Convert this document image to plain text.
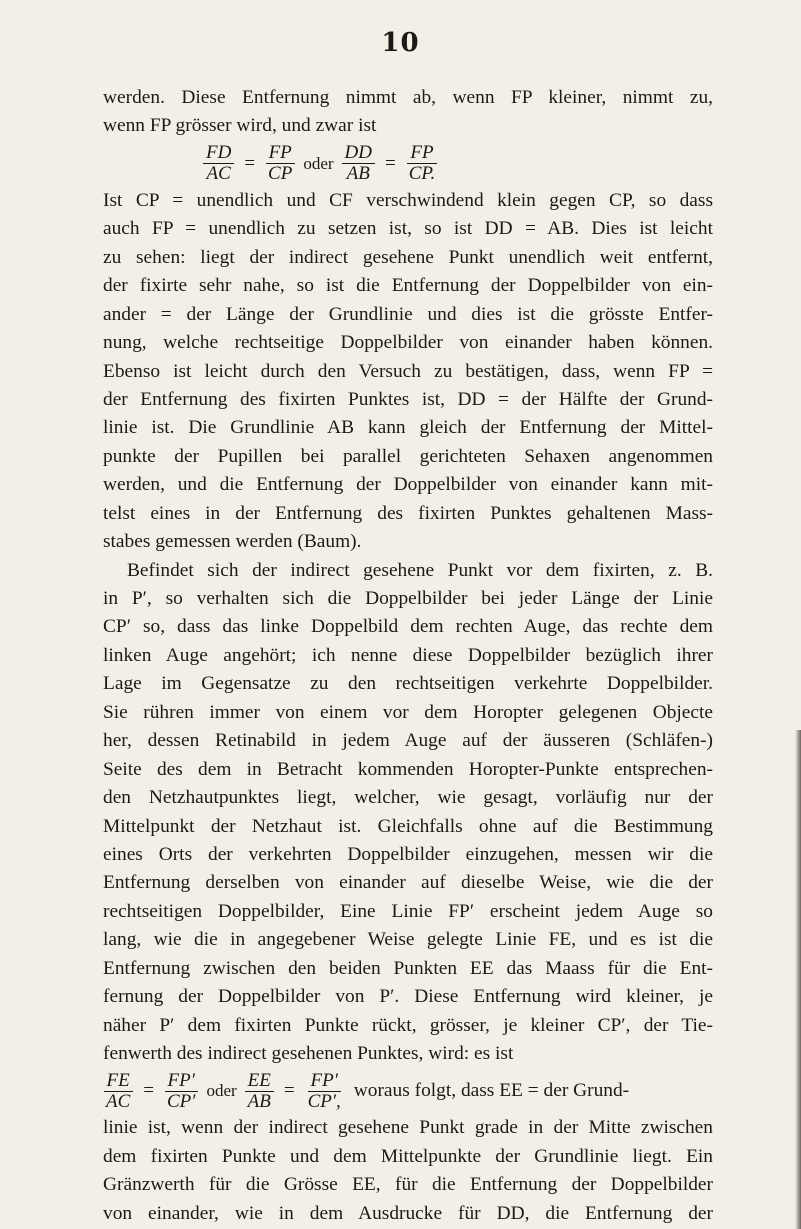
10
werden. Diese Entfernung nimmt ab, wenn FP kleiner, nimmt zu,
wenn FP grösser wird, und zwar ist
$\frac{FD}{AC} = \frac{FP}{CP}$ oder $\frac{DD}{AB} = \frac{FP}{CP.}$
Ist CP = unendlich und CF verschwindend klein gegen CP, so dass
auch FP = unendlich zu setzen ist, so ist DD = AB. Dies ist leicht
zu sehen: liegt der indirect gesehene Punkt unendlich weit entfernt,
der fixirte sehr nahe, so ist die Entfernung der Doppelbilder von ein-
ander = der Länge der Grundlinie und dies ist die grösste Entfer-
nung, welche rechtseitige Doppelbilder von einander haben können.
Ebenso ist leicht durch den Versuch zu bestätigen, dass, wenn FP =
der Entfernung des fixirten Punktes ist, DD = der Hälfte der Grund-
linie ist. Die Grundlinie AB kann gleich der Entfernung der Mittel-
punkte der Pupillen bei parallel gerichteten Sehaxen angenommen
werden, und die Entfernung der Doppelbilder von einander kann mit-
telst eines in der Entfernung des fixirten Punktes gehaltenen Mass-
stabes gemessen werden (Baum).
Befindet sich der indirect gesehene Punkt vor dem fixirten, z. B.
in P′, so verhalten sich die Doppelbilder bei jeder Länge der Linie
CP′ so, dass das linke Doppelbild dem rechten Auge, das rechte dem
linken Auge angehört; ich nenne diese Doppelbilder bezüglich ihrer
Lage im Gegensatze zu den rechtseitigen verkehrte Doppelbilder.
Sie rühren immer von einem vor dem Horopter gelegenen Objecte
her, dessen Retinabild in jedem Auge auf der äusseren (Schläfen-)
Seite des dem in Betracht kommenden Horopter-Punkte entsprechen-
den Netzhautpunktes liegt, welcher, wie gesagt, vorläufig nur der
Mittelpunkt der Netzhaut ist. Gleichfalls ohne auf die Bestimmung
eines Orts der verkehrten Doppelbilder einzugehen, messen wir die
Entfernung derselben von einander auf dieselbe Weise, wie die der
rechtseitigen Doppelbilder, Eine Linie FP′ erscheint jedem Auge so
lang, wie die in angegebener Weise gelegte Linie FE, und es ist die
Entfernung zwischen den beiden Punkten EE das Maass für die Ent-
fernung der Doppelbilder von P′. Diese Entfernung wird kleiner, je
näher P′ dem fixirten Punkte rückt, grösser, je kleiner CP′, der Tie-
fenwerth des indirect gesehenen Punktes, wird: es ist
$\frac{FE}{AC} = \frac{FP'}{CP'}$ oder $\frac{EE}{AB} = \frac{FP'}{CP',}$ woraus folgt, dass EE = der Grund-
linie ist, wenn der indirect gesehene Punkt grade in der Mitte zwischen
dem fixirten Punkte und dem Mittelpunkte der Grundlinie liegt. Ein
Gränzwerth für die Grösse EE, für die Entfernung der Doppelbilder
von einander, wie in dem Ausdrucke für DD, die Entfernung der
